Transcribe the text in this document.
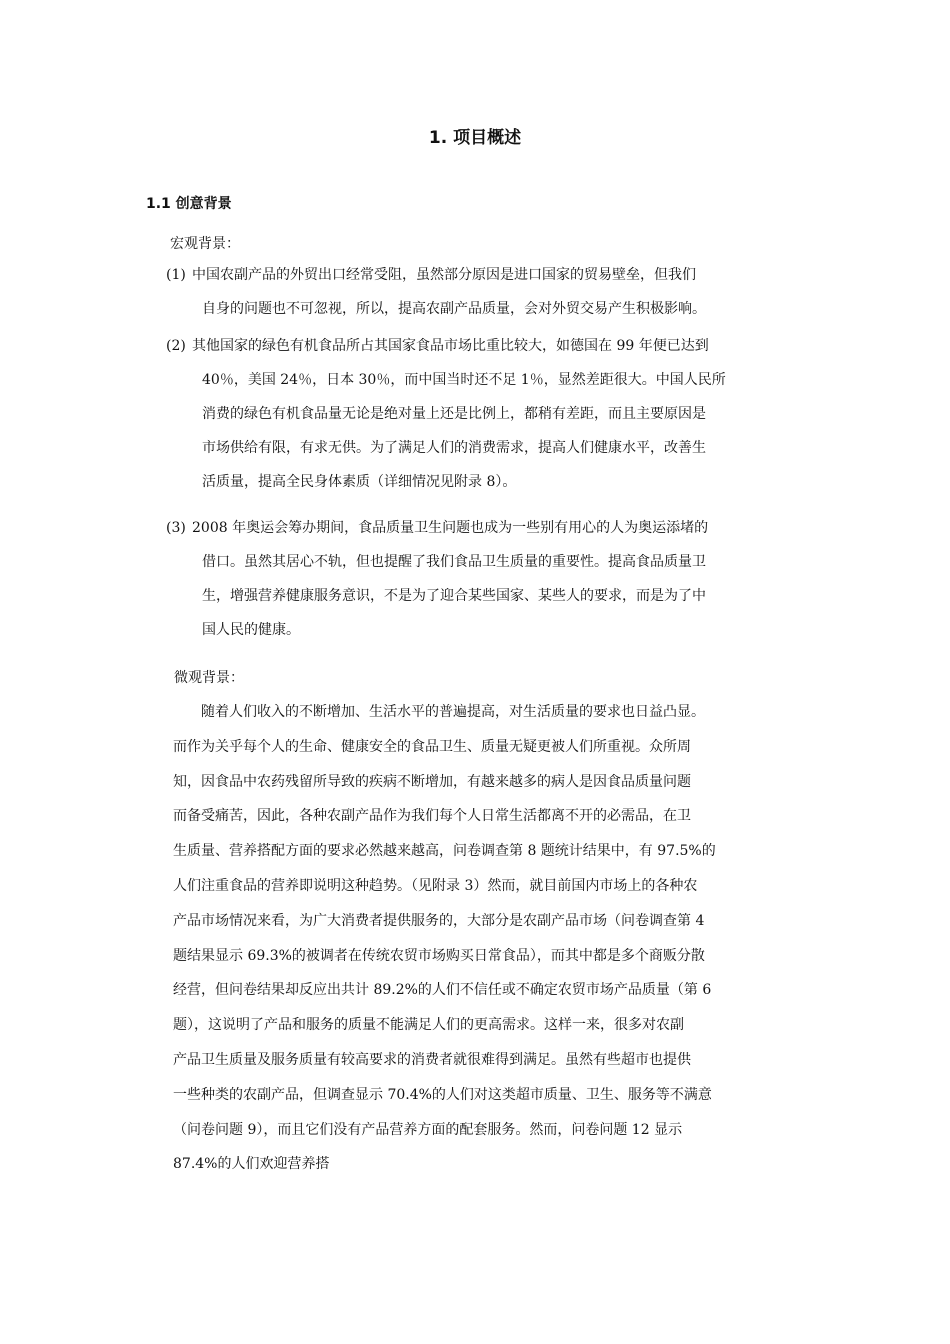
1. 项目概述
1.1 创意背景
宏观背景：
(1) 中国农副产品的外贸出口经常受阻，虽然部分原因是进口国家的贸易壁垒，但我们
自身的问题也不可忽视，所以，提高农副产品质量，会对外贸交易产生积极影响。
(2) 其他国家的绿色有机食品所占其国家食品市场比重比较大，如德国在 99 年便已达到
40％，美国 24％，日本 30％，而中国当时还不足 1％，显然差距很大。中国人民所
消费的绿色有机食品量无论是绝对量上还是比例上，都稍有差距，而且主要原因是
市场供给有限，有求无供。为了满足人们的消费需求，提高人们健康水平，改善生
活质量，提高全民身体素质（详细情况见附录 8）。
(3) 2008 年奥运会筹办期间，食品质量卫生问题也成为一些别有用心的人为奥运添堵的
借口。虽然其居心不轨，但也提醒了我们食品卫生质量的重要性。提高食品质量卫
生，增强营养健康服务意识，不是为了迎合某些国家、某些人的要求，而是为了中
国人民的健康。
微观背景：
随着人们收入的不断增加、生活水平的普遍提高，对生活质量的要求也日益凸显。
而作为关乎每个人的生命、健康安全的食品卫生、质量无疑更被人们所重视。众所周
知，因食品中农药残留所导致的疾病不断增加，有越来越多的病人是因食品质量问题
而备受痛苦，因此，各种农副产品作为我们每个人日常生活都离不开的必需品，在卫
生质量、营养搭配方面的要求必然越来越高，问卷调查第 8 题统计结果中，有 97.5%的
人们注重食品的营养即说明这种趋势。（见附录 3）然而，就目前国内市场上的各种农
产品市场情况来看，为广大消费者提供服务的，大部分是农副产品市场（问卷调查第 4
题结果显示 69.3%的被调者在传统农贸市场购买日常食品），而其中都是多个商贩分散
经营，但问卷结果却反应出共计 89.2%的人们不信任或不确定农贸市场产品质量（第 6
题），这说明了产品和服务的质量不能满足人们的更高需求。这样一来，很多对农副
产品卫生质量及服务质量有较高要求的消费者就很难得到满足。虽然有些超市也提供
一些种类的农副产品，但调查显示 70.4%的人们对这类超市质量、卫生、服务等不满意
（问卷问题 9），而且它们没有产品营养方面的配套服务。然而，问卷问题 12 显示
87.4%的人们欢迎营养搭
